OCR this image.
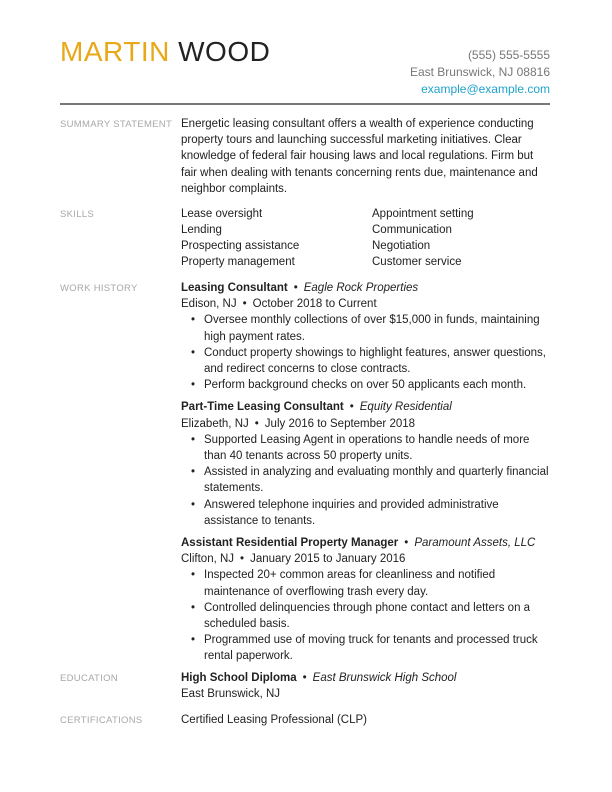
MARTIN WOOD	(555) 555-5555
East Brunswick, NJ 08816
example@example.com
SUMMARY STATEMENT Energetic leasing consultant offers a wealth of experience conducting property tours and launching successful marketing initiatives. Clear knowledge of federal fair housing laws and local regulations. Firm but fair when dealing with tenants concerning rents due, maintenance and neighbor complaints.
SKILLS	Lease oversight	Appointment setting
Lending	Communication
Prospecting assistance	Negotiation
Property management	Customer service
WORK HISTORY	Leasing Consultant • Eagle Rock Properties
Edison, NJ • October 2018 to Current
• Oversee monthly collections of over $15,000 in funds, maintaining high payment rates.
• Conduct property showings to highlight features, answer questions, and redirect concerns to close contracts.
• Perform background checks on over 50 applicants each month.
Part-Time Leasing Consultant • Equity Residential
Elizabeth, NJ • July 2016 to September 2018
• Supported Leasing Agent in operations to handle needs of more than 40 tenants across 50 property units.
• Assisted in analyzing and evaluating monthly and quarterly financial statements.
• Answered telephone inquiries and provided administrative assistance to tenants.
Assistant Residential Property Manager • Paramount Assets, LLC
Clifton, NJ • January 2015 to January 2016
• Inspected 20+ common areas for cleanliness and notified maintenance of overflowing trash every day.
• Controlled delinquencies through phone contact and letters on a scheduled basis.
• Programmed use of moving truck for tenants and processed truck rental paperwork.
EDUCATION	High School Diploma • East Brunswick High School
East Brunswick, NJ
CERTIFICATIONS	Certified Leasing Professional (CLP)
